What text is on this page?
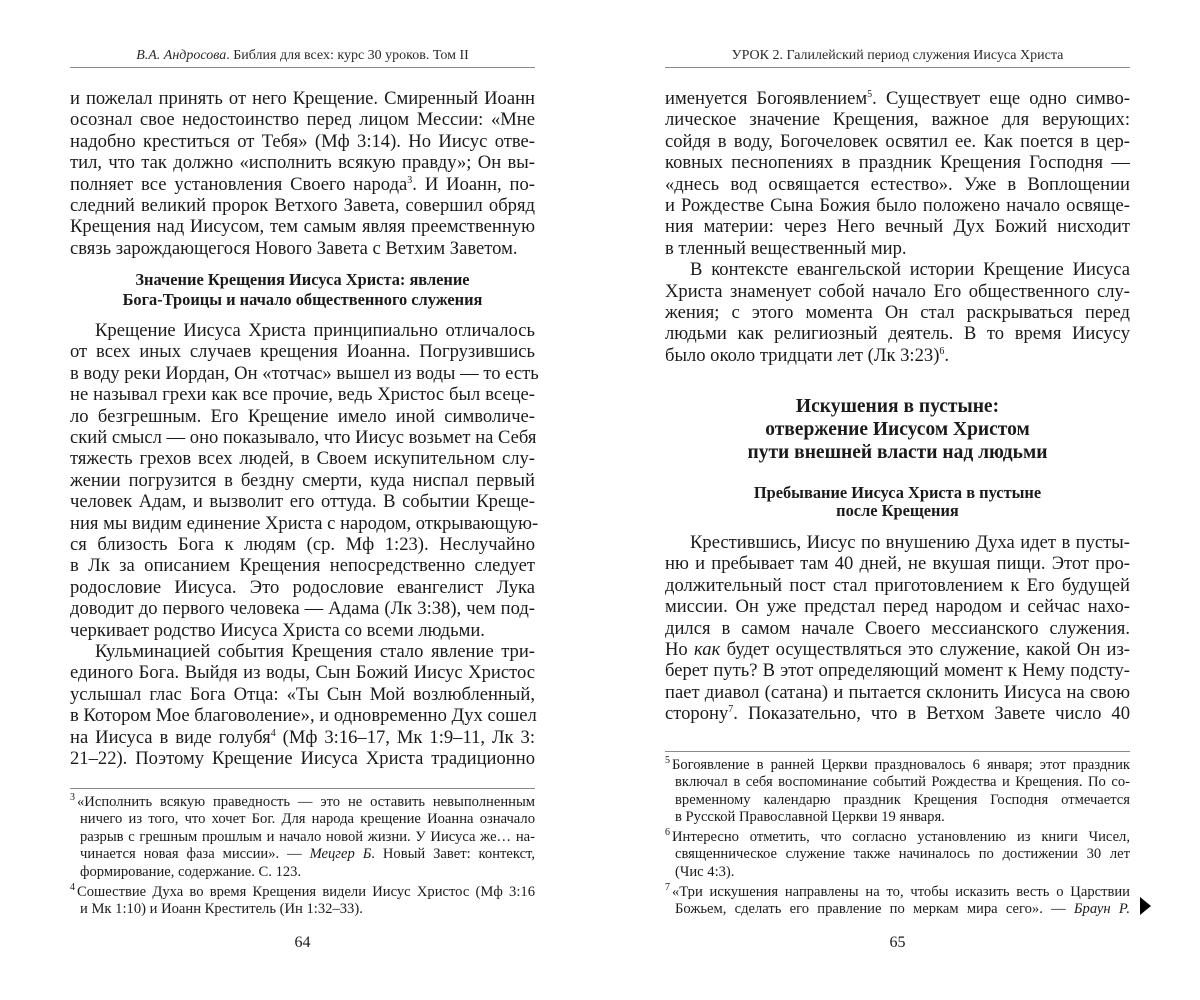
В.А. Андросова. Библия для всех: курс 30 уроков. Том II
и пожелал принять от него Крещение. Смиренный Иоанн
осознал свое недостоинство перед лицом Мессии: «Мне
надобно креститься от Тебя» (Мф 3:14). Но Иисус отве-
тил, что так должно «исполнить всякую правду»; Он вы-
полняет все установления Своего народа$^3$. И Иоанн, по-
следний великий пророк Ветхого Завета, совершил обряд
Крещения над Иисусом, тем самым являя преемственную
связь зарождающегося Нового Завета с Ветхим Заветом.
Значение Крещения Иисуса Христа: явление
Бога-Троицы и начало общественного служения
Крещение Иисуса Христа принципиально отличалось
от всех иных случаев крещения Иоанна. Погрузившись
в воду реки Иордан, Он «тотчас» вышел из воды — то есть
не называл грехи как все прочие, ведь Христос был всеце-
ло безгрешным. Его Крещение имело иной символиче-
ский смысл — оно показывало, что Иисус возьмет на Себя
тяжесть грехов всех людей, в Своем искупительном слу-
жении погрузится в бездну смерти, куда ниспал первый
человек Адам, и вызволит его оттуда. В событии Креще-
ния мы видим единение Христа с народом, открывающую-
ся близость Бога к людям (ср. Мф 1:23). Неслучайно
в Лк за описанием Крещения непосредственно следует
родословие Иисуса. Это родословие евангелист Лука
доводит до первого человека — Адама (Лк 3:38), чем под-
черкивает родство Иисуса Христа со всеми людьми.
Кульминацией события Крещения стало явление три-
единого Бога. Выйдя из воды, Сын Божий Иисус Христос
услышал глас Бога Отца: «Ты Сын Мой возлюбленный,
в Котором Мое благоволение», и одновременно Дух сошел
на Иисуса в виде голубя$^4$ (Мф 3:16–17, Мк 1:9–11, Лк 3:
21–22). Поэтому Крещение Иисуса Христа традиционно
$^3$ «Исполнить всякую праведность — это не оставить невыполненным
ничего из того, что хочет Бог. Для народа крещение Иоанна означало
разрыв с грешным прошлым и начало новой жизни. У Иисуса же… на-
чинается новая фаза миссии». — Мецгер Б. Новый Завет: контекст,
формирование, содержание. С. 123.
$^4$ Сошествие Духа во время Крещения видели Иисус Христос (Мф 3:16
и Мк 1:10) и Иоанн Креститель (Ин 1:32–33).
64
УРОК 2. Галилейский период служения Иисуса Христа
именуется Богоявлением$^5$. Существует еще одно симво-
лическое значение Крещения, важное для верующих:
сойдя в воду, Богочеловек освятил ее. Как поется в цер-
ковных песнопениях в праздник Крещения Господня —
«днесь вод освящается естество». Уже в Воплощении
и Рождестве Сына Божия было положено начало освяще-
ния материи: через Него вечный Дух Божий нисходит
в тленный вещественный мир.
В контексте евангельской истории Крещение Иисуса
Христа знаменует собой начало Его общественного слу-
жения; с этого момента Он стал раскрываться перед
людьми как религиозный деятель. В то время Иисусу
было около тридцати лет (Лк 3:23)$^6$.
Искушения в пустыне:
отвержение Иисусом Христом
пути внешней власти над людьми
Пребывание Иисуса Христа в пустыне
после Крещения
Крестившись, Иисус по внушению Духа идет в пусты-
ню и пребывает там 40 дней, не вкушая пищи. Этот про-
должительный пост стал приготовлением к Его будущей
миссии. Он уже предстал перед народом и сейчас нахо-
дился в самом начале Своего мессианского служения.
Но как будет осуществляться это служение, какой Он из-
берет путь? В этот определяющий момент к Нему подсту-
пает диавол (сатана) и пытается склонить Иисуса на свою
сторону$^7$. Показательно, что в Ветхом Завете число 40
$^5$ Богоявление в ранней Церкви праздновалось 6 января; этот праздник
включал в себя воспоминание событий Рождества и Крещения. По со-
временному календарю праздник Крещения Господня отмечается
в Русской Православной Церкви 19 января.
$^6$ Интересно отметить, что согласно установлению из книги Чисел,
священническое служение также начиналось по достижении 30 лет
(Чис 4:3).
$^7$ «Три искушения направлены на то, чтобы исказить весть о Царствии
Божьем, сделать его правление по меркам мира сего». — Браун Р.
65
